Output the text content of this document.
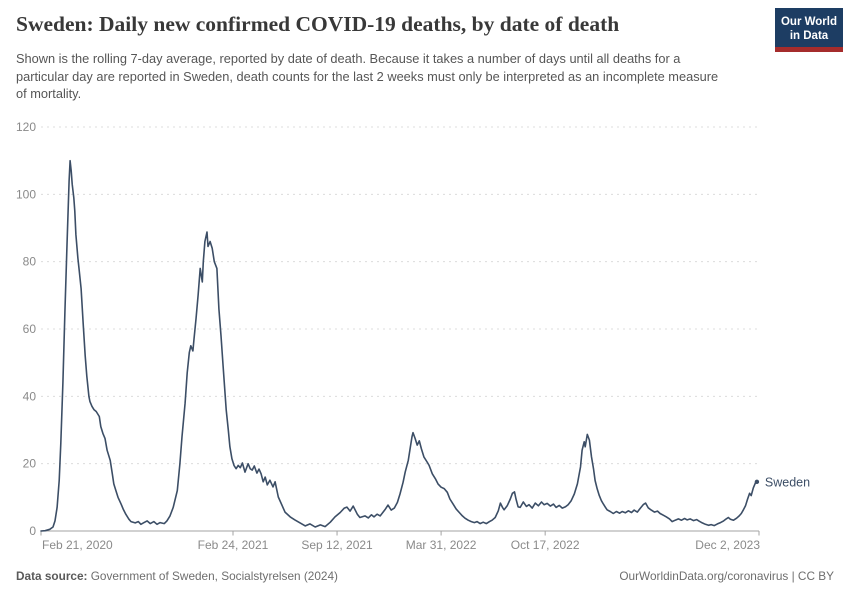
Sweden: Daily new confirmed COVID-19 deaths, by date of death	Our World
in Data

Shown is the rolling 7-day average, reported by date of death. Because it takes a number of days until all deaths for a particular day are reported in Sweden, death counts for the last 2 weeks must only be interpreted as an incomplete measure of mortality.

0
20
40
60
80
100
120
Feb 21, 2020	Feb 24, 2021	Sep 12, 2021	Mar 31, 2022	Oct 17, 2022	Dec 2, 2023
Sweden
Data source: Government of Sweden, Socialstyrelsen (2024)	OurWorldinData.org/coronavirus | CC BY
